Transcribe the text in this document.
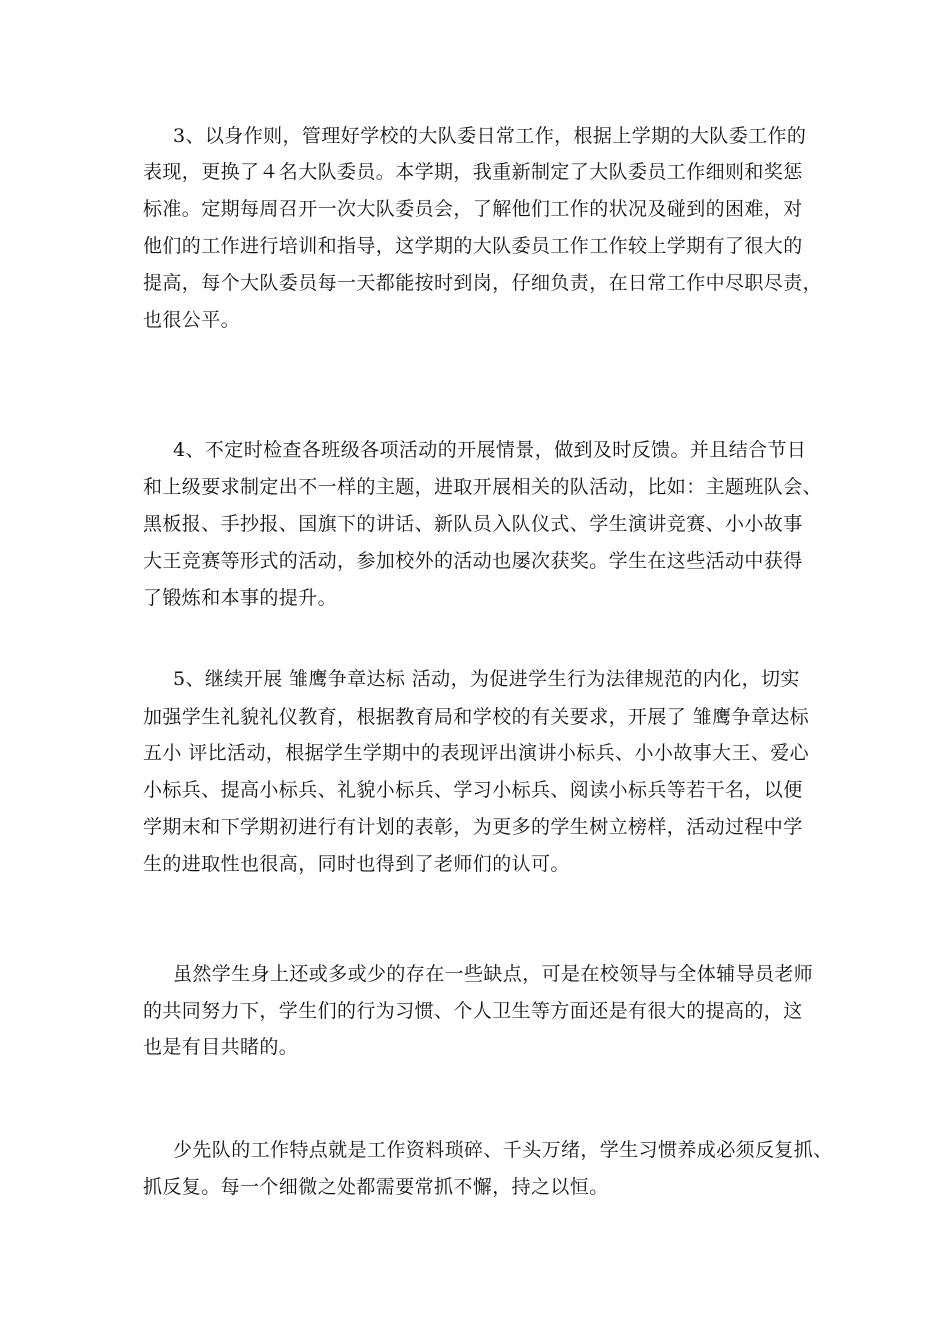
3、以身作则，管理好学校的大队委日常工作，根据上学期的大队委工作的
表现，更换了４名大队委员。本学期，我重新制定了大队委员工作细则和奖惩
标准。定期每周召开一次大队委员会，了解他们工作的状况及碰到的困难，对
他们的工作进行培训和指导，这学期的大队委员工作工作较上学期有了很大的
提高，每个大队委员每一天都能按时到岗，仔细负责，在日常工作中尽职尽责，
也很公平。
4、不定时检查各班级各项活动的开展情景，做到及时反馈。并且结合节日
和上级要求制定出不一样的主题，进取开展相关的队活动，比如：主题班队会、
黑板报、手抄报、国旗下的讲话、新队员入队仪式、学生演讲竞赛、小小故事
大王竞赛等形式的活动，参加校外的活动也屡次获奖。学生在这些活动中获得
了锻炼和本事的提升。
5、继续开展 雏鹰争章达标 活动，为促进学生行为法律规范的内化，切实
加强学生礼貌礼仪教育，根据教育局和学校的有关要求，开展了 雏鹰争章达标
五小 评比活动，根据学生学期中的表现评出演讲小标兵、小小故事大王、爱心
小标兵、提高小标兵、礼貌小标兵、学习小标兵、阅读小标兵等若干名，以便
学期末和下学期初进行有计划的表彰，为更多的学生树立榜样，活动过程中学
生的进取性也很高，同时也得到了老师们的认可。
虽然学生身上还或多或少的存在一些缺点，可是在校领导与全体辅导员老师
的共同努力下，学生们的行为习惯、个人卫生等方面还是有很大的提高的，这
也是有目共睹的。
少先队的工作特点就是工作资料琐碎、千头万绪，学生习惯养成必须反复抓、
抓反复。每一个细微之处都需要常抓不懈，持之以恒。
